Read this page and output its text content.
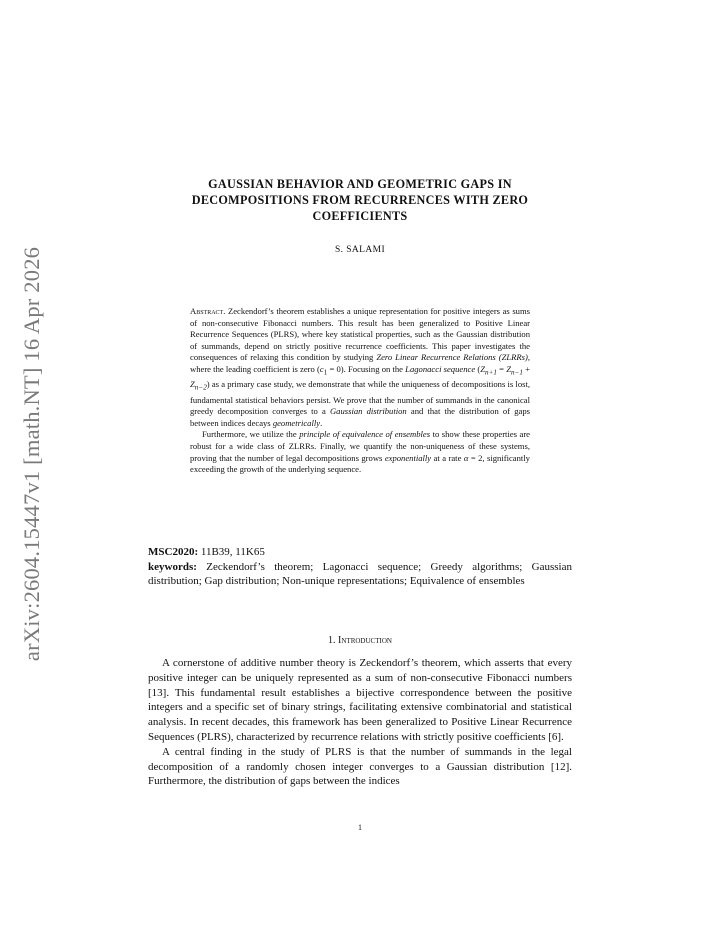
arXiv:2604.15447v1 [math.NT] 16 Apr 2026
GAUSSIAN BEHAVIOR AND GEOMETRIC GAPS IN
DECOMPOSITIONS FROM RECURRENCES WITH ZERO
COEFFICIENTS
S. SALAMI

Abstract. Zeckendorf’s theorem establishes a unique representation for positive integers as sums of non-consecutive Fibonacci numbers. This result has been generalized to Positive Linear Recurrence Sequences (PLRS), where key statistical properties, such as the Gaussian distribution of summands, depend on strictly positive recurrence coefficients. This paper investigates the consequences of relaxing this condition by studying Zero Linear Recurrence Relations (ZLRRs), where the leading coefficient is zero $(c_1 = 0)$. Focusing on the Lagonacci sequence $(Z_{n+1} = Z_{n-1} + Z_{n-2})$ as a primary case study, we demonstrate that while the uniqueness of decompositions is lost, fundamental statistical behaviors persist. We prove that the number of summands in the canonical greedy decomposition converges to a Gaussian distribution and that the distribution of gaps between indices decays geometrically.

Furthermore, we utilize the principle of equivalence of ensembles to show these properties are robust for a wide class of ZLRRs. Finally, we quantify the non-uniqueness of these systems, proving that the number of legal decompositions grows exponentially at a rate α = 2, significantly exceeding the growth of the underlying sequence.

MSC2020: 11B39, 11K65

keywords: Zeckendorf’s theorem; Lagonacci sequence; Greedy algorithms; Gaussian distribution; Gap distribution; Non-unique representations; Equivalence of ensembles

1. Introduction

A cornerstone of additive number theory is Zeckendorf’s theorem, which asserts that every positive integer can be uniquely represented as a sum of non-consecutive Fibonacci numbers [13]. This fundamental result establishes a bijective correspondence between the positive integers and a specific set of binary strings, facilitating extensive combinatorial and statistical analysis. In recent decades, this framework has been generalized to Positive Linear Recurrence Sequences (PLRS), characterized by recurrence relations with strictly positive coefficients [6].

A central finding in the study of PLRS is that the number of summands in the legal decomposition of a randomly chosen integer converges to a Gaussian distribution [12]. Furthermore, the distribution of gaps between the indices

1
